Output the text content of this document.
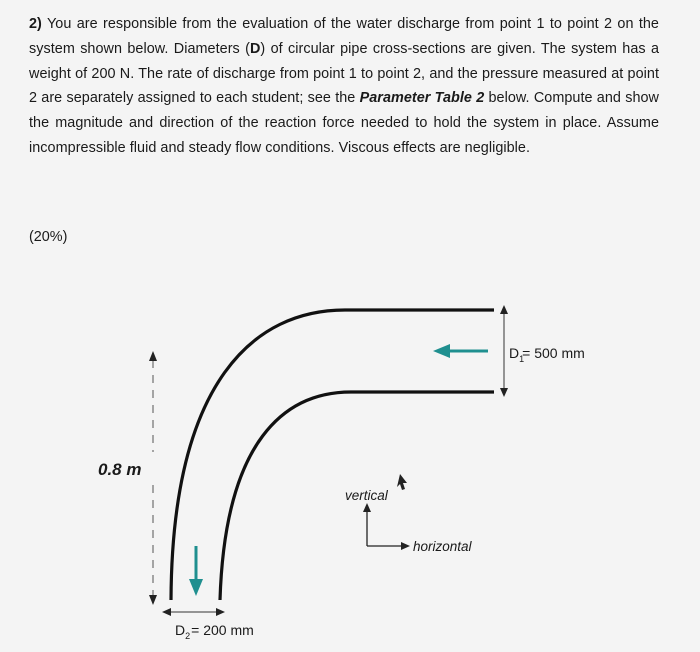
2) You are responsible from the evaluation of the water discharge from point 1 to point 2 on the system shown below. Diameters (D) of circular pipe cross-sections are given. The system has a weight of 200 N. The rate of discharge from point 1 to point 2, and the pressure measured at point 2 are separately assigned to each student; see the Parameter Table 2 below. Compute and show the magnitude and direction of the reaction force needed to hold the system in place. Assume incompressible fluid and steady flow conditions. Viscous effects are negligible.

(20%)
$D_1= 500$ mm
0.8 m
$D_2= 200$ mm
vertical
horizontal
